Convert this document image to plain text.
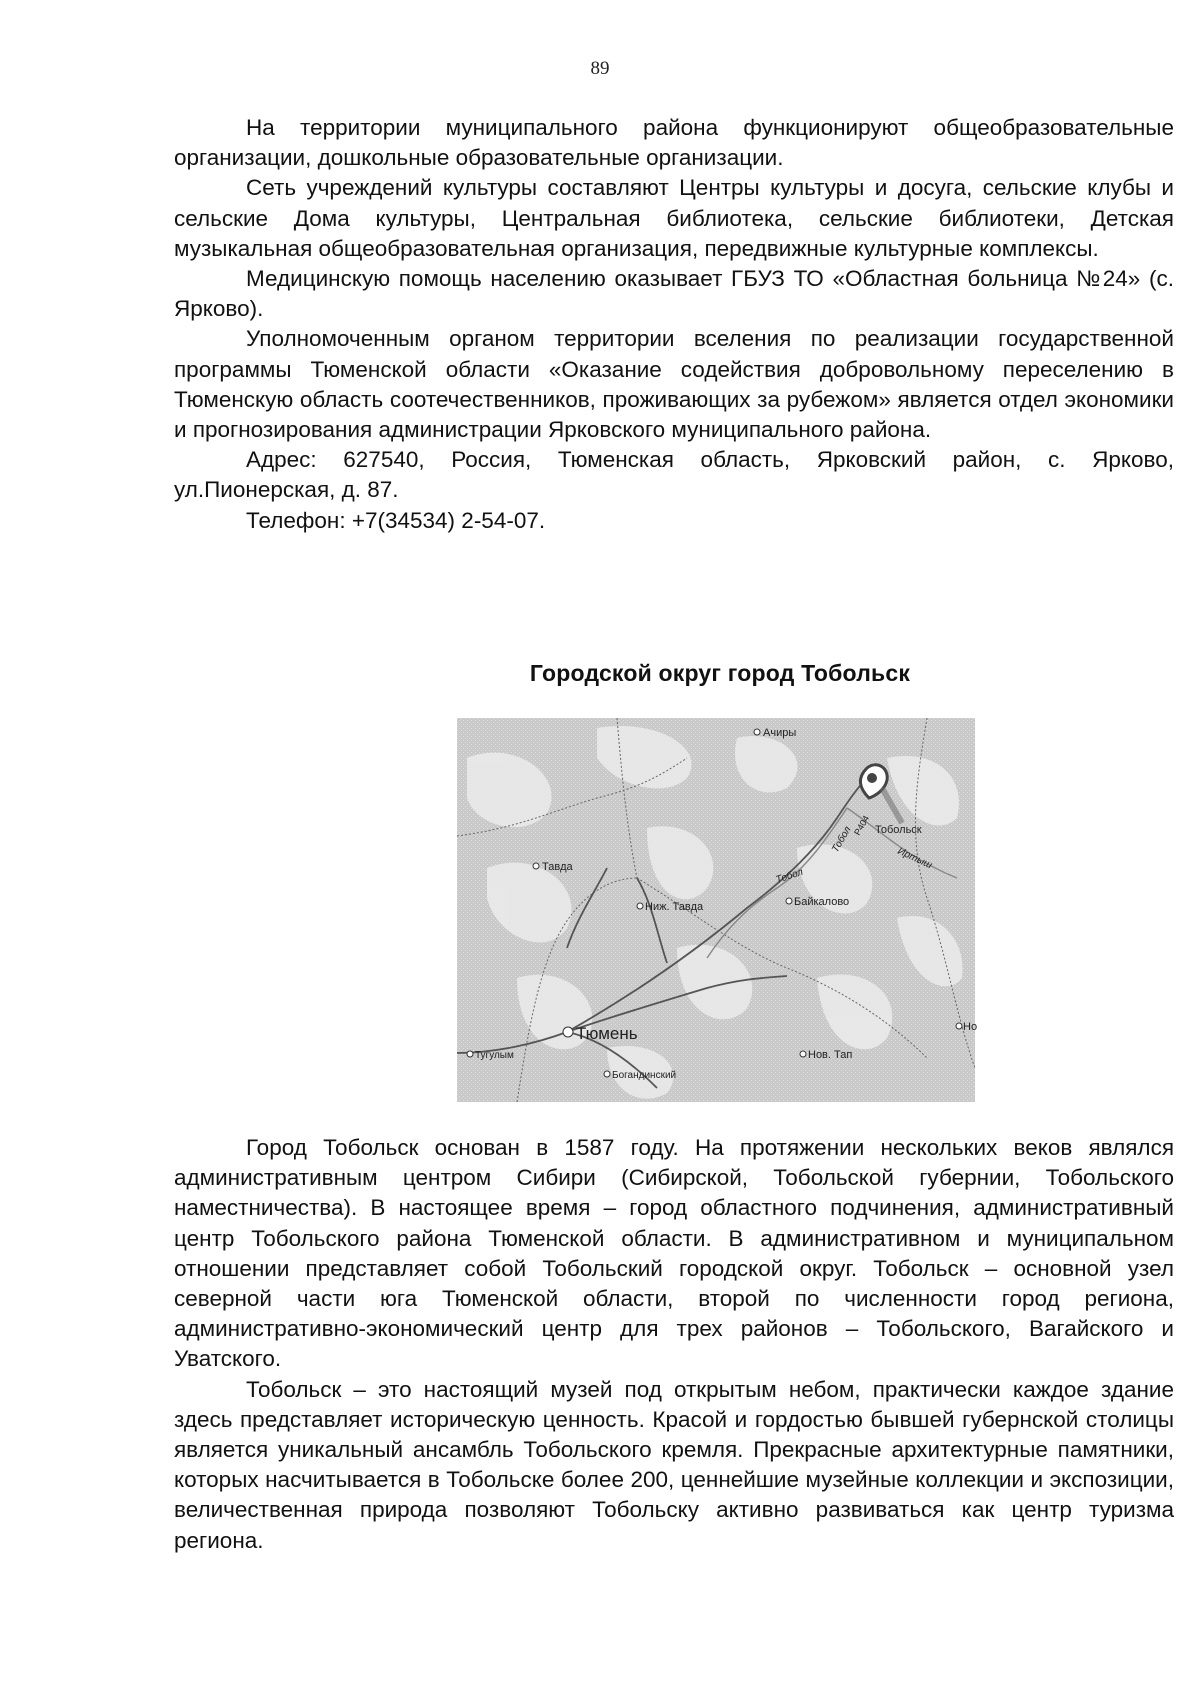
89

На территории муниципального района функционируют общеобразовательные организации, дошкольные образовательные организации.

Сеть учреждений культуры составляют Центры культуры и досуга, сельские клубы и сельские Дома культуры, Центральная библиотека, сельские библиотеки, Детская музыкальная общеобразовательная организация, передвижные культурные комплексы.

Медицинскую помощь населению оказывает ГБУЗ ТО «Областная больница №24» (с. Ярково).

Уполномоченным органом территории вселения по реализации государственной программы Тюменской области «Оказание содействия добровольному переселению в Тюменскую область соотечественников, проживающих за рубежом» является отдел экономики и прогнозирования администрации Ярковского муниципального района.

Адрес: 627540, Россия, Тюменская область, Ярковский район, с. Ярково, ул.Пионерская, д. 87.

Телефон: +7(34534) 2-54-07.

Городской округ город Тобольск
Ачиры
Тобольск
Тавда
Байкалово
Тобол
Тобол
Иртыш
Р404
Ниж. Тавда
Тюмень
Тугулым	Нов. Тап
Богандинский
Но

Город Тобольск основан в 1587 году. На протяжении нескольких веков являлся административным центром Сибири (Сибирской, Тобольской губернии, Тобольского наместничества). В настоящее время – город областного подчинения, административный центр Тобольского района Тюменской области. В административном и муниципальном отношении представляет собой Тобольский городской округ. Тобольск – основной узел северной части юга Тюменской области, второй по численности город региона, административно-экономический центр для трех районов – Тобольского, Вагайского и Уватского.

Тобольск – это настоящий музей под открытым небом, практически каждое здание здесь представляет историческую ценность. Красой и гордостью бывшей губернской столицы является уникальный ансамбль Тобольского кремля. Прекрасные архитектурные памятники, которых насчитывается в Тобольске более 200, ценнейшие музейные коллекции и экспозиции, величественная природа позволяют Тобольску активно развиваться как центр туризма региона.
